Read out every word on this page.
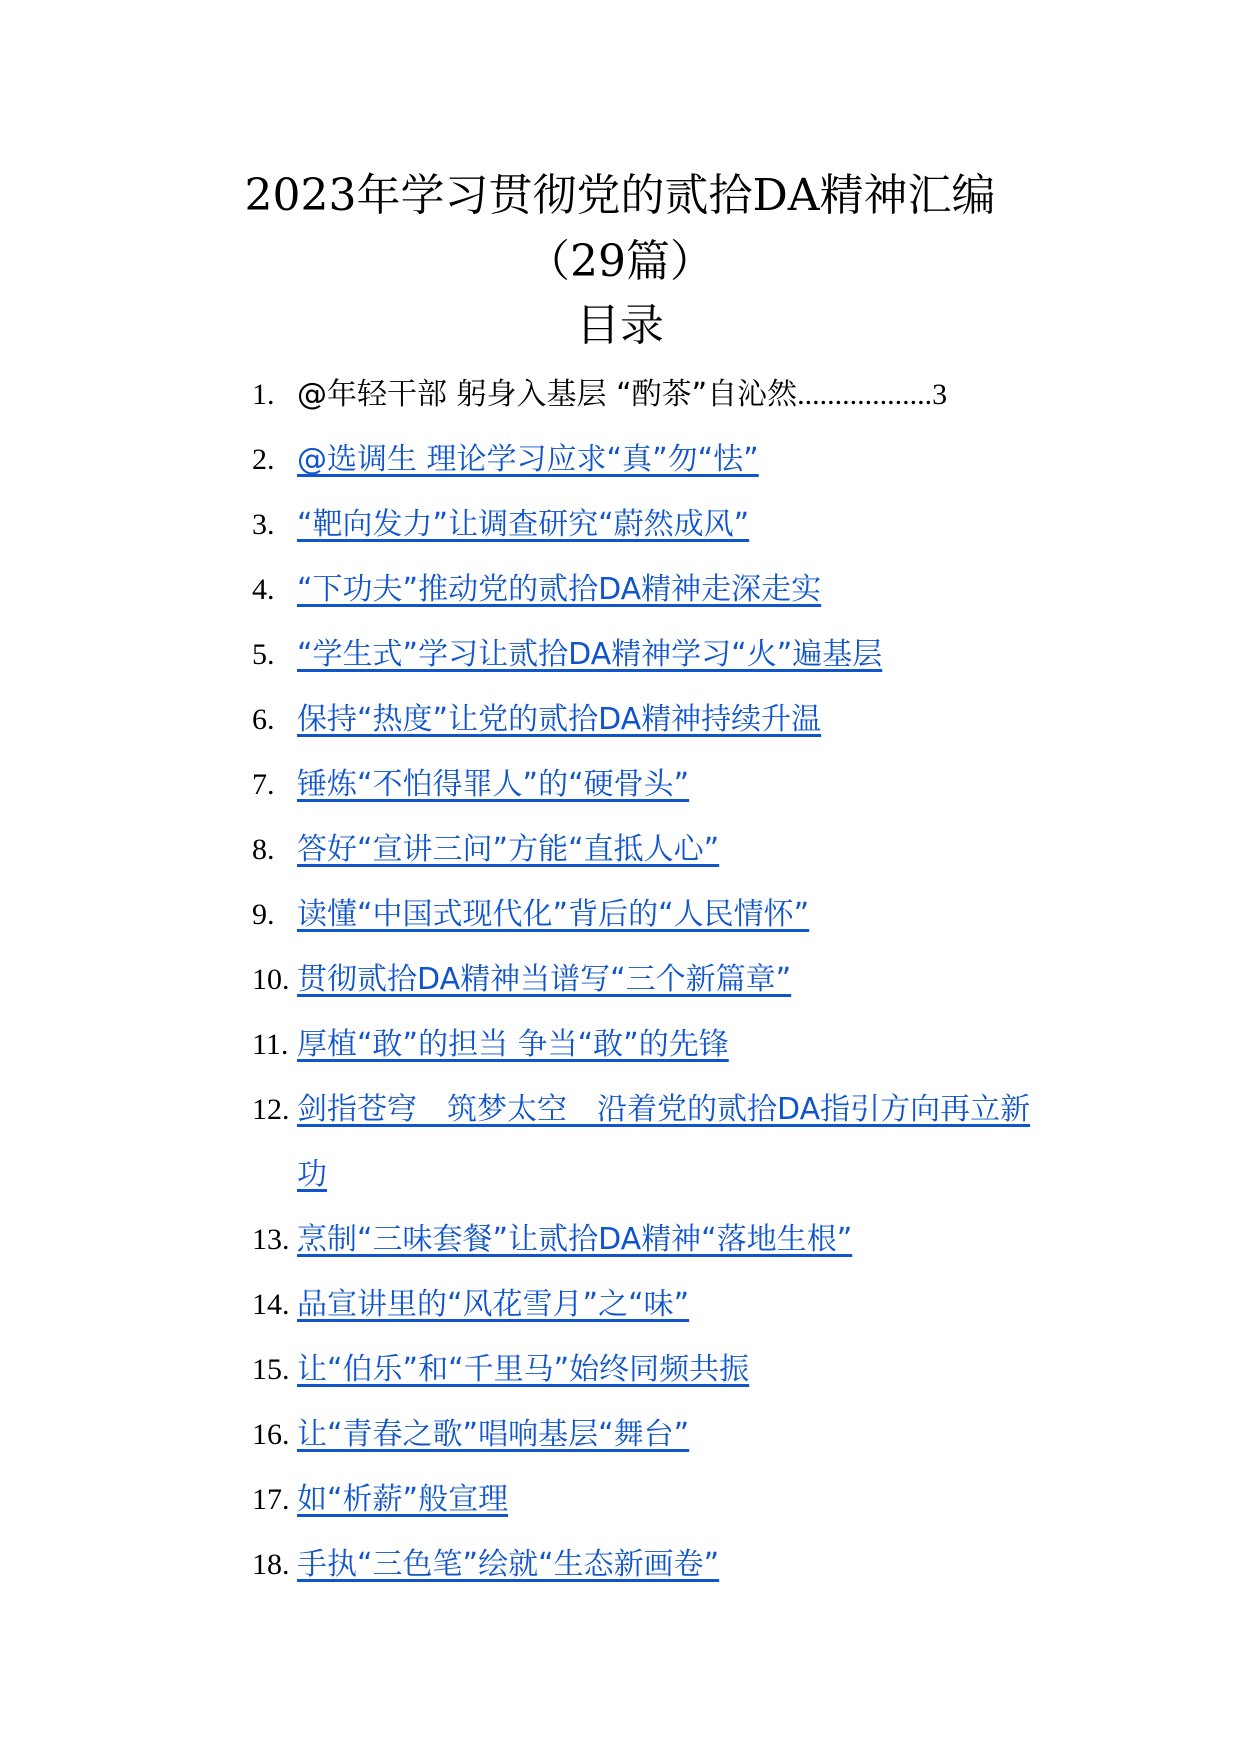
2023年学习贯彻党的贰拾DA精神汇编
（29篇）
目录
1. @年轻干部 躬身入基层 “酌茶”自沁然..................3
2. @选调生 理论学习应求“真”勿“怯”
3. “靶向发力”让调查研究“蔚然成风”
4. “下功夫”推动党的贰拾DA精神走深走实
5. “学生式”学习让贰拾DA精神学习“火”遍基层
6. 保持“热度”让党的贰拾DA精神持续升温
7. 锤炼“不怕得罪人”的“硬骨头”
8. 答好“宣讲三问”方能“直抵人心”
9. 读懂“中国式现代化”背后的“人民情怀”
10. 贯彻贰拾DA精神当谱写“三个新篇章”
11. 厚植“敢”的担当 争当“敢”的先锋
12. 剑指苍穹　筑梦太空　沿着党的贰拾DA指引方向再立新功
13. 烹制“三味套餐”让贰拾DA精神“落地生根”
14. 品宣讲里的“风花雪月”之“味”
15. 让“伯乐”和“千里马”始终同频共振
16. 让“青春之歌”唱响基层“舞台”
17. 如“析薪”般宣理
18. 手执“三色笔”绘就“生态新画卷”
